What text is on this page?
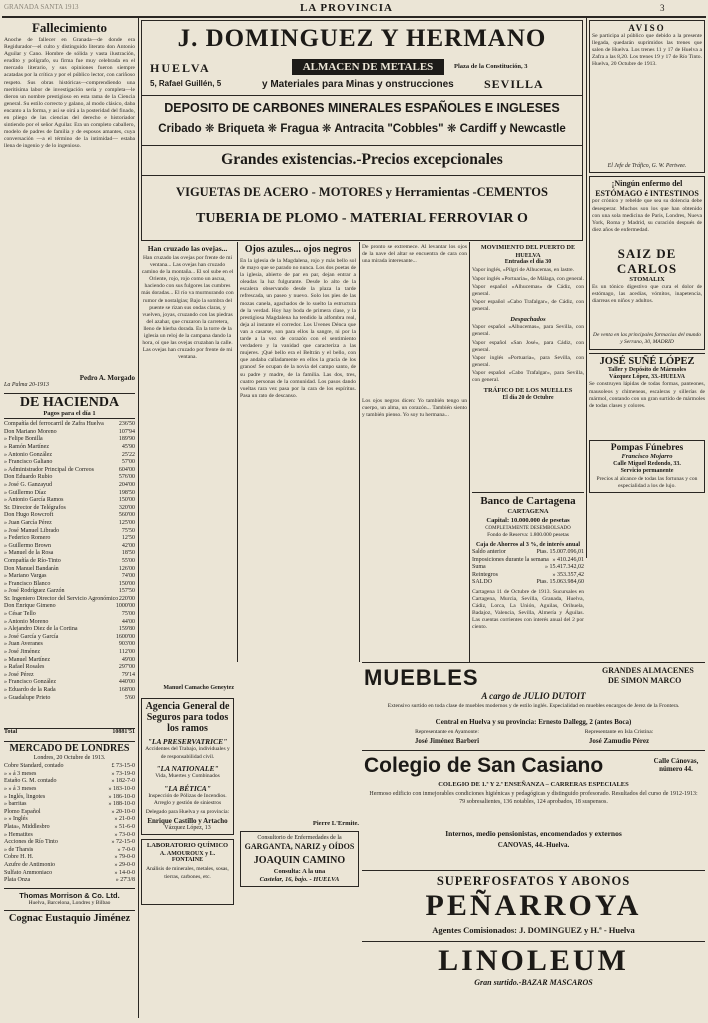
GRANADA SANTA 1913	LA PROVINCIA	3
Fallecimiento
Anoche de fallecer en Granada—de donde era Regidurador—el culto y distinguido literato don Antonio Aguilar y Cano. Hombre de sólida y vasta ilustración, erudito y polígrafo, su firma fue muy celebrada en el mercado literario, y sus opiniones fueron siempre acatadas por la crítica y por el público lector, con cariñoso respeto. Sus obras históricas—comprendiendo una meritísima labor de investigación seria y completa—le dieron un nombre prestigioso en esta rama de la Ciencia general. Su estilo correcto y galano, al modo clásico, daba encanto a la forma, y así se oirá a la posteridad del finado, en pliego de las ciencias del derecho e historiador sintiendo por el señor Aguilar. Era un completo caballero, modelo de padres de familia y de esposos amantes, cuya conversación —a el término de la intimidad— estaba llena de ingenio y de lo ingenioso.
Pedro A. Morgado
La Palma 20-1913
DE HACIENDA
Pagos para el día 1
Compañía del ferrocarril de Zafra Huelva	236'50
Don Mariano Moreno	107'94
» Felipe Bonilla	189'90
» Ramón Martínez	45'90
» Antonio González	25'22
» Francisco Galiano	57'00
» Administrador Principal de Correos	604'00
Don Eduardo Rubio	576'00
» José G. Ganzayud	204'00
» Guillermo Díaz	198'50
» Antonio García Ramos	150'00
Sr. Director de Telégrafos	320'00
Don Hugo Rowcroft	560'00
» Juan García Pérez	125'00
» José Manuel Librado	75'50
» Federico Romero	12'50
» Guillermo Brown	42'00
» Manuel de la Rosa	18'50
Compañía de Río-Tinto	55'00
Don Manuel Bandarán	126'00
» Mariano Vargas	74'00
» Francisco Blanco	150'00
» José Rodríguez Garzón	157'50
Sr. Ingeniero Director del Servicio Agronómico 220'00
Don Enrique Gimeno	1000'00
» César Tello	75'00
» Antonio Moreno	44'00
» Alejandro Diez de la Cortina	159'80
» José García y García	1600'00
» Juan Averanes	903'00
» José Jiménez	112'00
» Manuel Martínez	49'00
» Rafael Rosales	297'00
» José Pérez	79'14
» Francisco González	440'00
» Eduardo de la Rada	168'00
» Guadalupe Prieto	5'60
Total	10881'51
MERCADO DE LONDRES
Londres, 20 Octubre de 1913.
Cobre Standard, contado	£ 73-15-0
» » á 3 meses	» 73-19-0
Estaño G. M. contado	» 182-7-0
» » á 3 meses	» 183-10-0
» Inglés, lingotes	» 186-10-0
» barritas	» 188-10-0
Plomo Español	» 20-10-0
» » Inglés	» 21-0-0
Plata», Middlesbro	» 51-6-0
» Hematites	» 73-0-0
Acciones de Río Tinto	» 72-15-0
» de Tharsis	» 7-0-0
Cobre H. H.	» 79-0-0
Azufre de Antimonio	» 29-0-0
Sulfato Ammoniaco	» 14-0-0
Plata Onza	» 27'3/8
Thomas Morrison & Co. Ltd.
Huelva, Barcelona, Londres y Bilbao
Cognac Eustaquio Jiménez
J. DOMINGUEZ Y HERMANO
HUELVA	ALMACEN DE METALES	Plaza de la Constitución, 3
5, Rafael Guillén, 5	y Materiales para Minas y onstrucciones	SEVILLA
DEPOSITO DE CARBONES MINERALES ESPAÑOLES E INGLESES
Cribado ❋ Briqueta ❋ Fragua ❋ Antracita "Cobbles" ❋ Cardiff y Newcastle
Grandes existencias.-Precios excepcionales
VIGUETAS DE ACERO - MOTORES y Herramientas -CEMENTOS
TUBERIA DE PLOMO - MATERIAL FERROVIAR O
Han cruzado las ovejas...
Han cruzado las ovejas por frente de mi ventana... Las ovejas han cruzado camino de la montaña... El sol sube en el Oriente, rojo, rojo como un ascua, haciendo con sus fulgores las cumbres más doradas... El río va murmurando con rumor de nostalgias; Bajo la sombra del puente se rizan sus ondas claras, y vuelven, joyas, cruzando con las piedras del azahar, que cruzaron la carretera, lleno de hierba dorada. En la torre de la iglesia un reloj de la campana dando la hora, oí que las ovejas cruzaban la calle. Las ovejas han cruzado por frente de mi ventana.
Manuel Camacho Geneytez
Agencia General de Seguros para todos los ramos
"LA PRESERVATRICE"
Accidentes del Trabajo, individuales y de responsabilidad civil.
"LA NATIONALE"
Vida, Muertes y Combinados
"LA BÉTICA"
Inspección de Pólizas de Incendios. Arreglo y gestión de siniestros
Delegado para Huelva y su provincia:
Enrique Castillo y Artacho
Vázquez López, 13
LABORATORIO QUÍMICO
A. AMOUROUX y L. FONTAINE
Análisis de minerales, metales, sosas, tierras, carbones, etc.
Ojos azules... ojos negros
En la iglesia de la Magdalena, rojo y más bello sol de mayo que se parado no nunca. Los dos poetas de la iglesia, abierto de par en par, dejan entrar a oleadas la luz fulgurante. Desde lo alto de la escalera observando desde la plaza la tarde refrescada, un paseo y nuevo. Solo los pies de las mozas canela, agachados de lo suelto la estructura de la verdad. Hoy hay boda de primera clase, y la prestigiosa Magdalena ha tendido la alfombra real, deja al instante el corredor. Los Uvenes Dénca que van a casarse, son para ellos la sangre, ni por la tarde a la vez de corazón con el sentimiento verdadero y la vanidad que caracteriza a las mujeres. ¡Qué bello era el Beltrán y el bello, con que andaba calladamente en ellos la gracia de los granos! Se ocupan de la novia del campo santo, de su padre y madre, de la familia. Las dos, tres, cuatro personas de la comunidad. Los pasos dando vueltas rara vez pasa por la cara de los espíritus. Pasa un rato de descanso.
De pronto se extremece. Al levantar los ojos de la nave del altar se encuentra de cara con una mirada interesante...
Los ojos negros dicen: Yo también tengo un cuerpo, un alma, un corazón... También siento y también pienso. Yo soy tu hermana...
MOVIMIENTO DEL PUERTO DE HUELVA
Entradas el dia 30
Vapor inglés, «Pilgri de Alhucemas, en lastre.
Vapor inglés «Portuaria», de Málaga, con general.
Vapor español «Alhucemas» de Cádiz, con general.
Vapor español «Cabo Trafalgar», de Cádiz, con general.
Despachados
Vapor español «Alhucemas», para Sevilla, con general.
Vapor español «San José», para Cádiz, con general.
Vapor inglés «Portuaria», para Sevilla, con general.
Vapor español «Cabo Trafalgar», para Sevilla, con general.
TRÁFICO DE LOS MUELLES
El día 20 de Octubre
Banco de Cartagena
CARTAGENA
Capital: 10.000.000 de pesetas
COMPLETAMENTE DESEMBOLSADO
Fondo de Reserva: 1.800.000 pesetas
Caja de Ahorros al 3 %, de interés anual
Saldo anterior	Ptas. 15.007.096,01
Imposiciones durante la semana » 410.246,01
Suma	» 15.417.342,02
Reintegros	» 353.357,42
SALDO	Ptas. 15.063.984,60
Cartagena 11 de Octubre de 1913. Sucursales en Cartagena, Murcia, Sevilla, Granada, Huelva, Cádiz, Lorca, La Unión, Aguilas, Orihuela, Badajoz, Valencia, Sevilla, Almería y Águilas. Las cuentas corrientes con interés anual del 2 por ciento.
AVISO
Se participa al público que debido a la presente llegada, quedarán suprimidos las trenes que salen de Huelva. Los trenes 11 y 17 de Huelva a Zafra a las 8,20. Los trenes 19 y 17 de Río Tinto. Huelva, 20 Octubre de 1913.
El Jefe de Tráfico, G. W. Pertwee.
¡Ningún enfermo del ESTÓMAGO é INTESTINOS
por crónico y rebelde que sea su dolencia debe desesperar. Muchos son los que han obtenido con una sola medicina de Paris, Londres, Nueva York, Roma y Madrid, su curación después de diez años de enfermedad.
SAIZ DE CARLOS
STOMALIX
Es un tónico digestivo que cura el dolor de estómago, las acedías, vómitos, inapetencia, diarreas en niños y adultos.
De venta en las principales farmacias del mundo y Serrano, 30, MADRID
JOSÉ SUÑÉ LÓPEZ
Taller y Depósito de Mármoles
Vázquez López, 33.-HUELVA
Se construyen lápidas de todas formas, panteones, mausoleos y chimeneas, escaleras y sillerías de mármol, contando con un gran surtido de mármoles de todas clases y colores.
Pompas Fúnebres
Francisco Mojarro
Calle Miguel Redondo, 33.
Servicio permanente
Precios al alcance de todas las fortunas y con especialidad a los de lujo.
MUEBLES	GRANDES ALMACENES
DE SIMON MARCO
A cargo de JULIO DUTOIT
Extensivo surtido en toda clase de muebles modernos y de estilo inglés. Especialidad en muebles encargos de Jerez de la Frontera.
Central en Huelva y su provincia: Ernesto Dallegg, 2 (antes Boca)
Representante en Ayamonte:
José Jiménez Barberi
Representante en Isla Cristina:
José Zamudio Pérez
Colegio de San Casiano	Calle Cánovas, número 44.
COLEGIO DE 1.ª Y 2.ª ENSEÑANZA – CARRERAS ESPECIALES
Hermoso edificio con inmejorables condiciones higiénicas y pedagógicas y distinguido profesorado. Resultados del curso de 1912-1913: 79 sobresalientes, 136 notables, 124 aprobados, 18 suspensos.
Internos, medio pensionistas, encomendados y externos
CANOVAS, 44.-Huelva.
Pierre L'Ermite.
Consultorio de Enfermedades de la
GARGANTA, NARIZ y OÍDOS
JOAQUIN CAMINO
Consulta: A la una
Castelar, 16, bajo. - HUELVA	SUPERFOSFATOS Y ABONOS
PEÑARROYA
Agentes Comisionados: J. DOMINGUEZ y H.ª - Huelva
LINOLEUM
Gran surtido.-BAZAR MASCAROS
